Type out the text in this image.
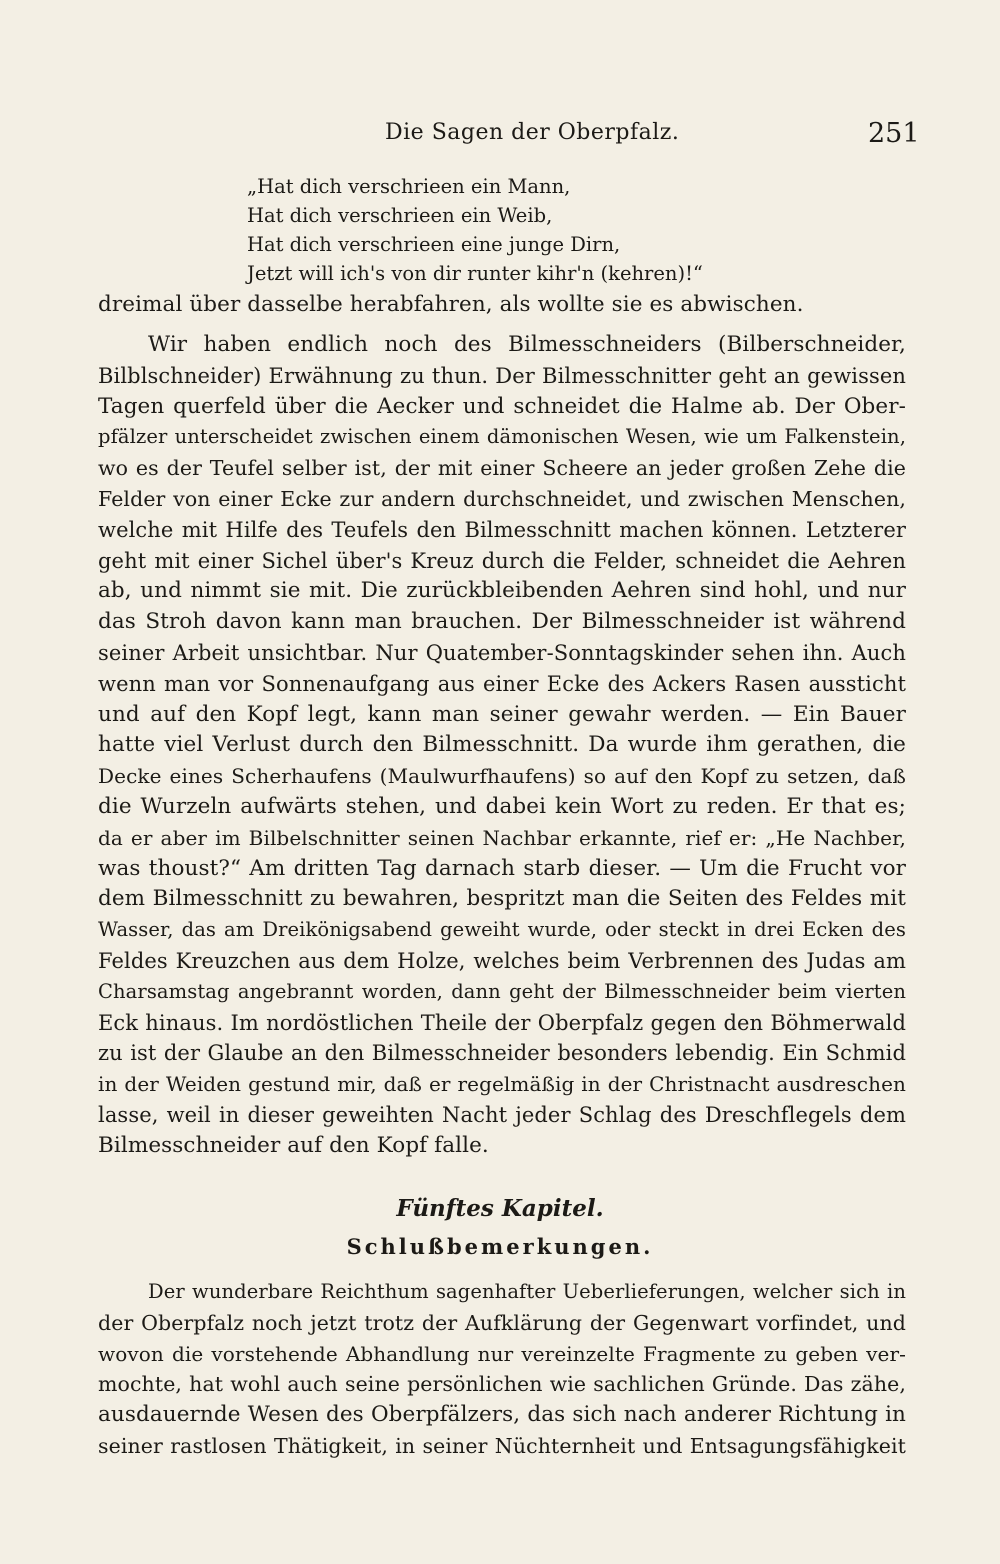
Die Sagen der Oberpfalz.	251
„Hat dich verschrieen ein Mann,
Hat dich verschrieen ein Weib,
Hat dich verschrieen eine junge Dirn,
Jetzt will ich's von dir runter kihr'n (kehren)!“
dreimal über dasselbe herabfahren, als wollte sie es abwischen.
Wir haben endlich noch des Bilmesschneiders (Bilberschneider,
Bilblschneider) Erwähnung zu thun. Der Bilmesschnitter geht an gewissen
Tagen querfeld über die Aecker und schneidet die Halme ab. Der Ober-
pfälzer unterscheidet zwischen einem dämonischen Wesen, wie um Falkenstein,
wo es der Teufel selber ist, der mit einer Scheere an jeder großen Zehe die
Felder von einer Ecke zur andern durchschneidet, und zwischen Menschen,
welche mit Hilfe des Teufels den Bilmesschnitt machen können. Letzterer
geht mit einer Sichel über's Kreuz durch die Felder, schneidet die Aehren
ab, und nimmt sie mit. Die zurückbleibenden Aehren sind hohl, und nur
das Stroh davon kann man brauchen. Der Bilmesschneider ist während
seiner Arbeit unsichtbar. Nur Quatember-Sonntagskinder sehen ihn. Auch
wenn man vor Sonnenaufgang aus einer Ecke des Ackers Rasen aussticht
und auf den Kopf legt, kann man seiner gewahr werden. — Ein Bauer
hatte viel Verlust durch den Bilmesschnitt. Da wurde ihm gerathen, die
Decke eines Scherhaufens (Maulwurfhaufens) so auf den Kopf zu setzen, daß
die Wurzeln aufwärts stehen, und dabei kein Wort zu reden. Er that es;
da er aber im Bilbelschnitter seinen Nachbar erkannte, rief er: „He Nachber,
was thoust?“ Am dritten Tag darnach starb dieser. — Um die Frucht vor
dem Bilmesschnitt zu bewahren, bespritzt man die Seiten des Feldes mit
Wasser, das am Dreikönigsabend geweiht wurde, oder steckt in drei Ecken des
Feldes Kreuzchen aus dem Holze, welches beim Verbrennen des Judas am
Charsamstag angebrannt worden, dann geht der Bilmesschneider beim vierten
Eck hinaus. Im nordöstlichen Theile der Oberpfalz gegen den Böhmerwald
zu ist der Glaube an den Bilmesschneider besonders lebendig. Ein Schmid
in der Weiden gestund mir, daß er regelmäßig in der Christnacht ausdreschen
lasse, weil in dieser geweihten Nacht jeder Schlag des Dreschflegels dem
Bilmesschneider auf den Kopf falle.
Fünftes Kapitel.
Schlußbemerkungen.
Der wunderbare Reichthum sagenhafter Ueberlieferungen, welcher sich in
der Oberpfalz noch jetzt trotz der Aufklärung der Gegenwart vorfindet, und
wovon die vorstehende Abhandlung nur vereinzelte Fragmente zu geben ver-
mochte, hat wohl auch seine persönlichen wie sachlichen Gründe. Das zähe,
ausdauernde Wesen des Oberpfälzers, das sich nach anderer Richtung in
seiner rastlosen Thätigkeit, in seiner Nüchternheit und Entsagungsfähigkeit
